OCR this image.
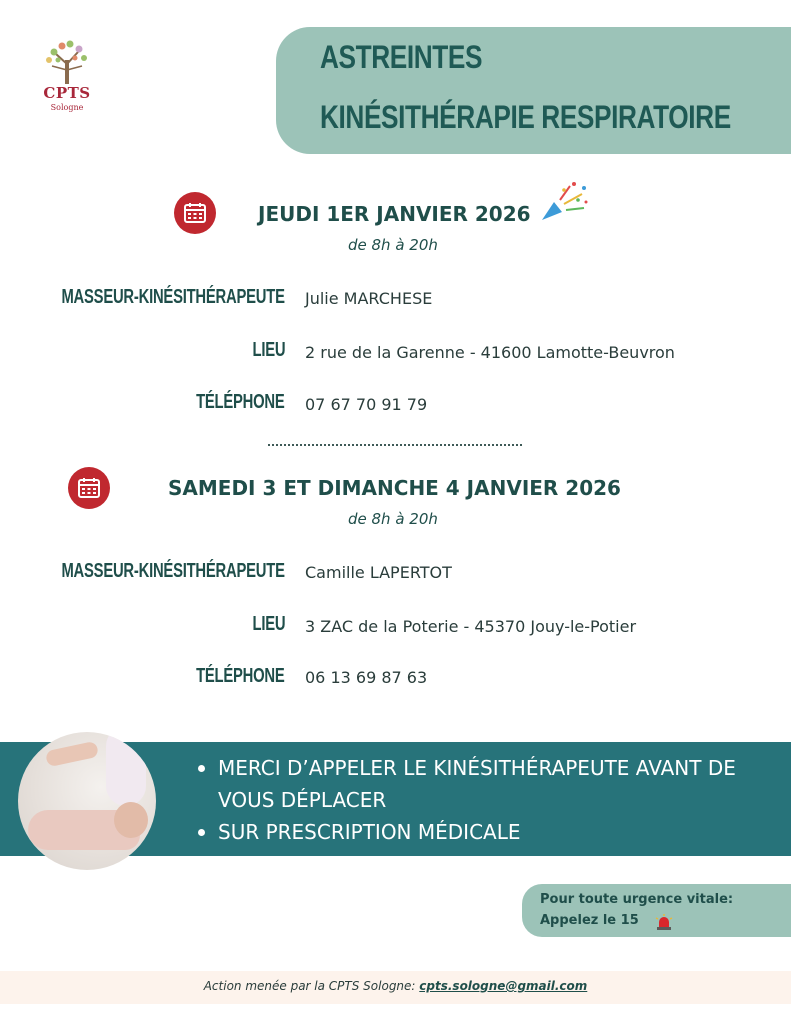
CPTS
Sologne
ASTREINTES
KINÉSITHÉRAPIE RESPIRATOIRE
JEUDI 1ER JANVIER 2026
de 8h à 20h
MASSEUR-KINÉSITHÉRAPEUTE Julie MARCHESE
LIEU 2 rue de la Garenne - 41600 Lamotte-Beuvron
TÉLÉPHONE 07 67 70 91 79
SAMEDI 3 ET DIMANCHE 4 JANVIER 2026
de 8h à 20h
MASSEUR-KINÉSITHÉRAPEUTE Camille LAPERTOT
LIEU 3 ZAC de la Poterie - 45370 Jouy-le-Potier
TÉLÉPHONE 06 13 69 87 63
MERCI D’APPELER LE KINÉSITHÉRAPEUTE AVANT DE VOUS DÉPLACER
SUR PRESCRIPTION MÉDICALE
Pour toute urgence vitale:
Appelez le 15
Action menée par la CPTS Sologne: cpts.sologne@gmail.com
